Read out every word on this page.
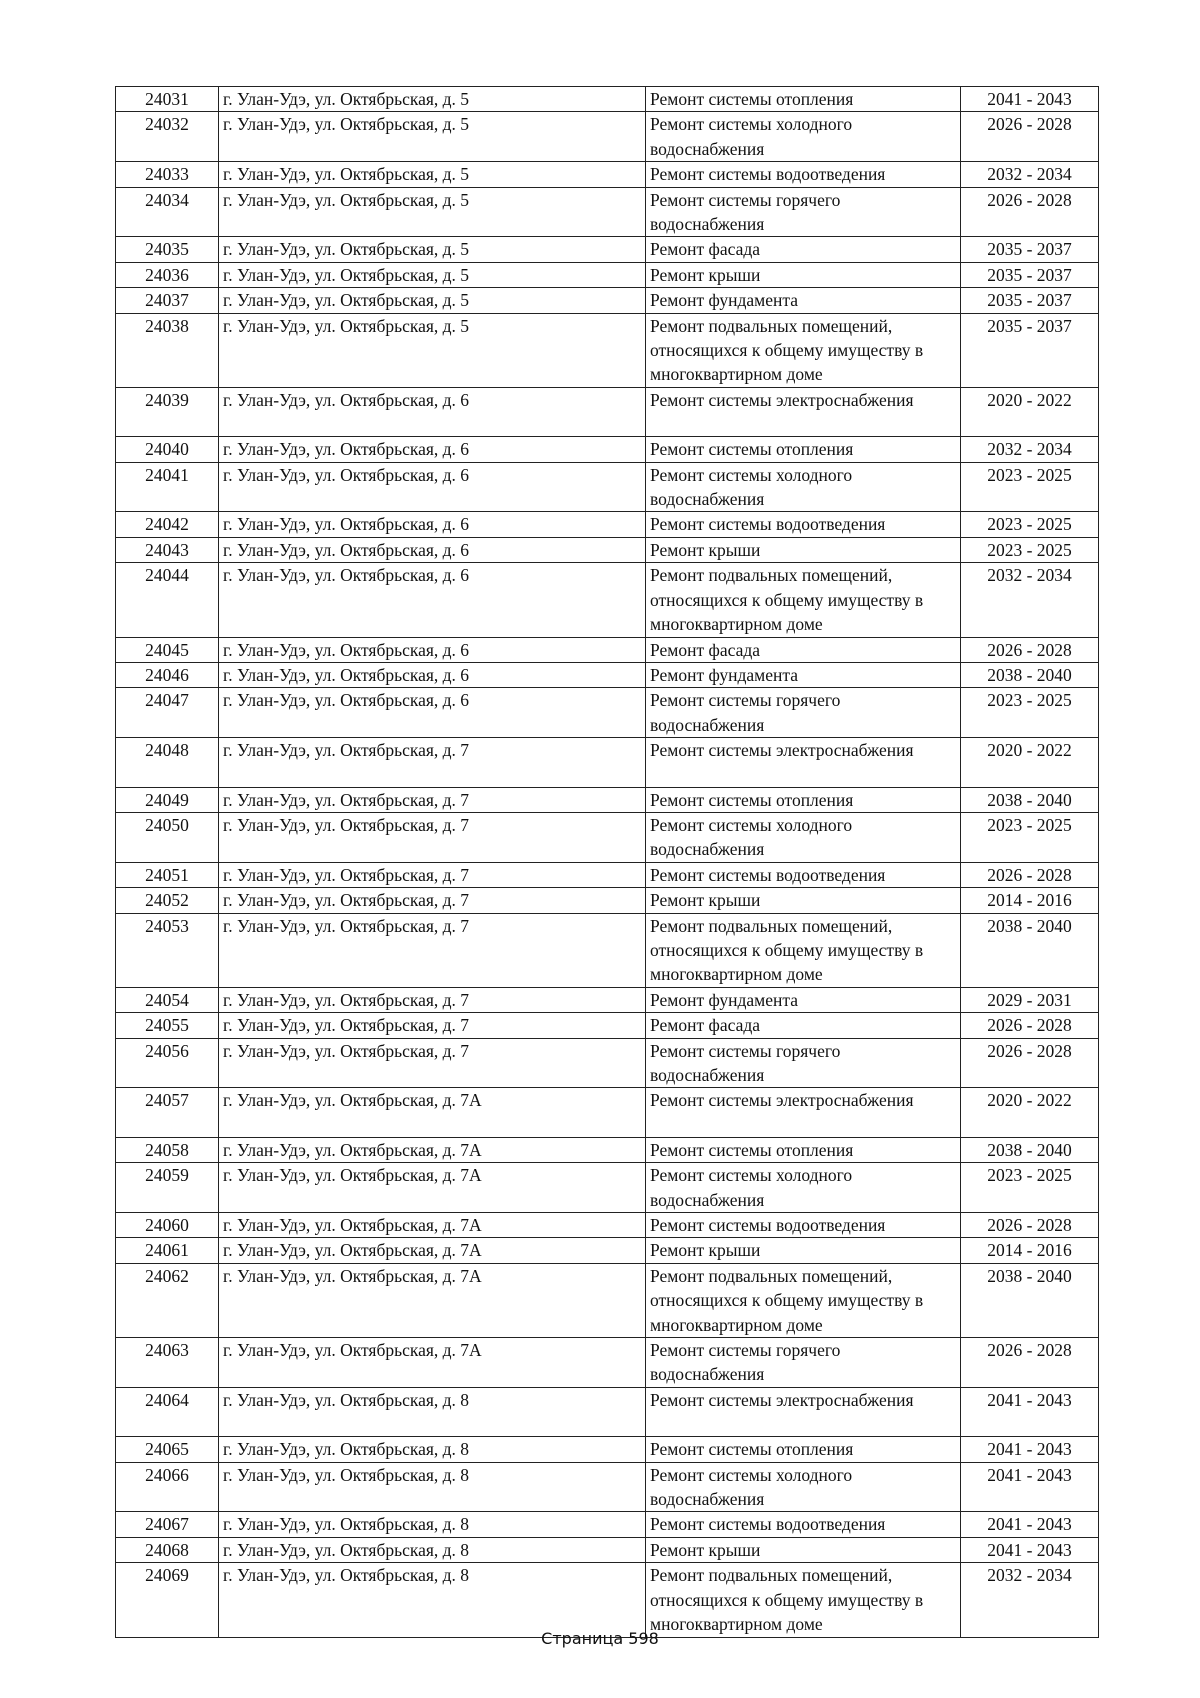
24031	г. Улан-Удэ, ул. Октябрьская, д. 5	Ремонт системы отопления	2041 - 2043
24032	г. Улан-Удэ, ул. Октябрьская, д. 5	Ремонт системы холодного
водоснабжения	2026 - 2028
24033	г. Улан-Удэ, ул. Октябрьская, д. 5	Ремонт системы водоотведения	2032 - 2034
24034	г. Улан-Удэ, ул. Октябрьская, д. 5	Ремонт системы горячего
водоснабжения	2026 - 2028
24035	г. Улан-Удэ, ул. Октябрьская, д. 5	Ремонт фасада	2035 - 2037
24036	г. Улан-Удэ, ул. Октябрьская, д. 5	Ремонт крыши	2035 - 2037
24037	г. Улан-Удэ, ул. Октябрьская, д. 5	Ремонт фундамента	2035 - 2037
24038	г. Улан-Удэ, ул. Октябрьская, д. 5	Ремонт подвальных помещений,
относящихся к общему имуществу в
многоквартирном доме	2035 - 2037
24039	г. Улан-Удэ, ул. Октябрьская, д. 6	Ремонт системы электроснабжения	2020 - 2022
24040	г. Улан-Удэ, ул. Октябрьская, д. 6	Ремонт системы отопления	2032 - 2034
24041	г. Улан-Удэ, ул. Октябрьская, д. 6	Ремонт системы холодного
водоснабжения	2023 - 2025
24042	г. Улан-Удэ, ул. Октябрьская, д. 6	Ремонт системы водоотведения	2023 - 2025
24043	г. Улан-Удэ, ул. Октябрьская, д. 6	Ремонт крыши	2023 - 2025
24044	г. Улан-Удэ, ул. Октябрьская, д. 6	Ремонт подвальных помещений,
относящихся к общему имуществу в
многоквартирном доме	2032 - 2034
24045	г. Улан-Удэ, ул. Октябрьская, д. 6	Ремонт фасада	2026 - 2028
24046	г. Улан-Удэ, ул. Октябрьская, д. 6	Ремонт фундамента	2038 - 2040
24047	г. Улан-Удэ, ул. Октябрьская, д. 6	Ремонт системы горячего
водоснабжения	2023 - 2025
24048	г. Улан-Удэ, ул. Октябрьская, д. 7	Ремонт системы электроснабжения	2020 - 2022
24049	г. Улан-Удэ, ул. Октябрьская, д. 7	Ремонт системы отопления	2038 - 2040
24050	г. Улан-Удэ, ул. Октябрьская, д. 7	Ремонт системы холодного
водоснабжения	2023 - 2025
24051	г. Улан-Удэ, ул. Октябрьская, д. 7	Ремонт системы водоотведения	2026 - 2028
24052	г. Улан-Удэ, ул. Октябрьская, д. 7	Ремонт крыши	2014 - 2016
24053	г. Улан-Удэ, ул. Октябрьская, д. 7	Ремонт подвальных помещений,
относящихся к общему имуществу в
многоквартирном доме	2038 - 2040
24054	г. Улан-Удэ, ул. Октябрьская, д. 7	Ремонт фундамента	2029 - 2031
24055	г. Улан-Удэ, ул. Октябрьская, д. 7	Ремонт фасада	2026 - 2028
24056	г. Улан-Удэ, ул. Октябрьская, д. 7	Ремонт системы горячего
водоснабжения	2026 - 2028
24057	г. Улан-Удэ, ул. Октябрьская, д. 7А	Ремонт системы электроснабжения	2020 - 2022
24058	г. Улан-Удэ, ул. Октябрьская, д. 7А	Ремонт системы отопления	2038 - 2040
24059	г. Улан-Удэ, ул. Октябрьская, д. 7А	Ремонт системы холодного
водоснабжения	2023 - 2025
24060	г. Улан-Удэ, ул. Октябрьская, д. 7А	Ремонт системы водоотведения	2026 - 2028
24061	г. Улан-Удэ, ул. Октябрьская, д. 7А	Ремонт крыши	2014 - 2016
24062	г. Улан-Удэ, ул. Октябрьская, д. 7А	Ремонт подвальных помещений,
относящихся к общему имуществу в
многоквартирном доме	2038 - 2040
24063	г. Улан-Удэ, ул. Октябрьская, д. 7А	Ремонт системы горячего
водоснабжения	2026 - 2028
24064	г. Улан-Удэ, ул. Октябрьская, д. 8	Ремонт системы электроснабжения	2041 - 2043
24065	г. Улан-Удэ, ул. Октябрьская, д. 8	Ремонт системы отопления	2041 - 2043
24066	г. Улан-Удэ, ул. Октябрьская, д. 8	Ремонт системы холодного
водоснабжения	2041 - 2043
24067	г. Улан-Удэ, ул. Октябрьская, д. 8	Ремонт системы водоотведения	2041 - 2043
24068	г. Улан-Удэ, ул. Октябрьская, д. 8	Ремонт крыши	2041 - 2043
24069	г. Улан-Удэ, ул. Октябрьская, д. 8	Ремонт подвальных помещений,
относящихся к общему имуществу в
многоквартирном доме	2032 - 2034
Страница 598
